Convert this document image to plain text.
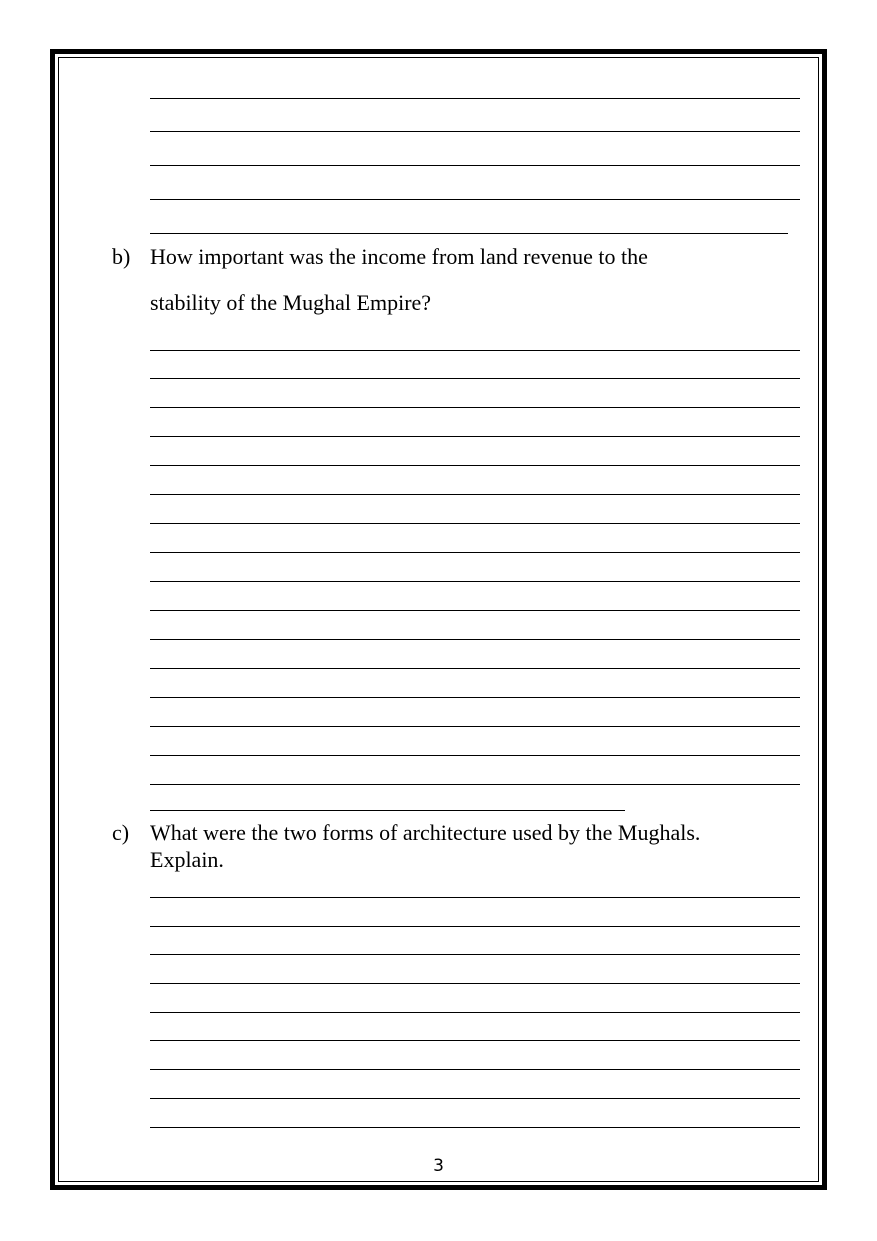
b) How important was the income from land revenue to the
stability of the Mughal Empire?
c) What were the two forms of architecture used by the Mughals.
Explain.
3
